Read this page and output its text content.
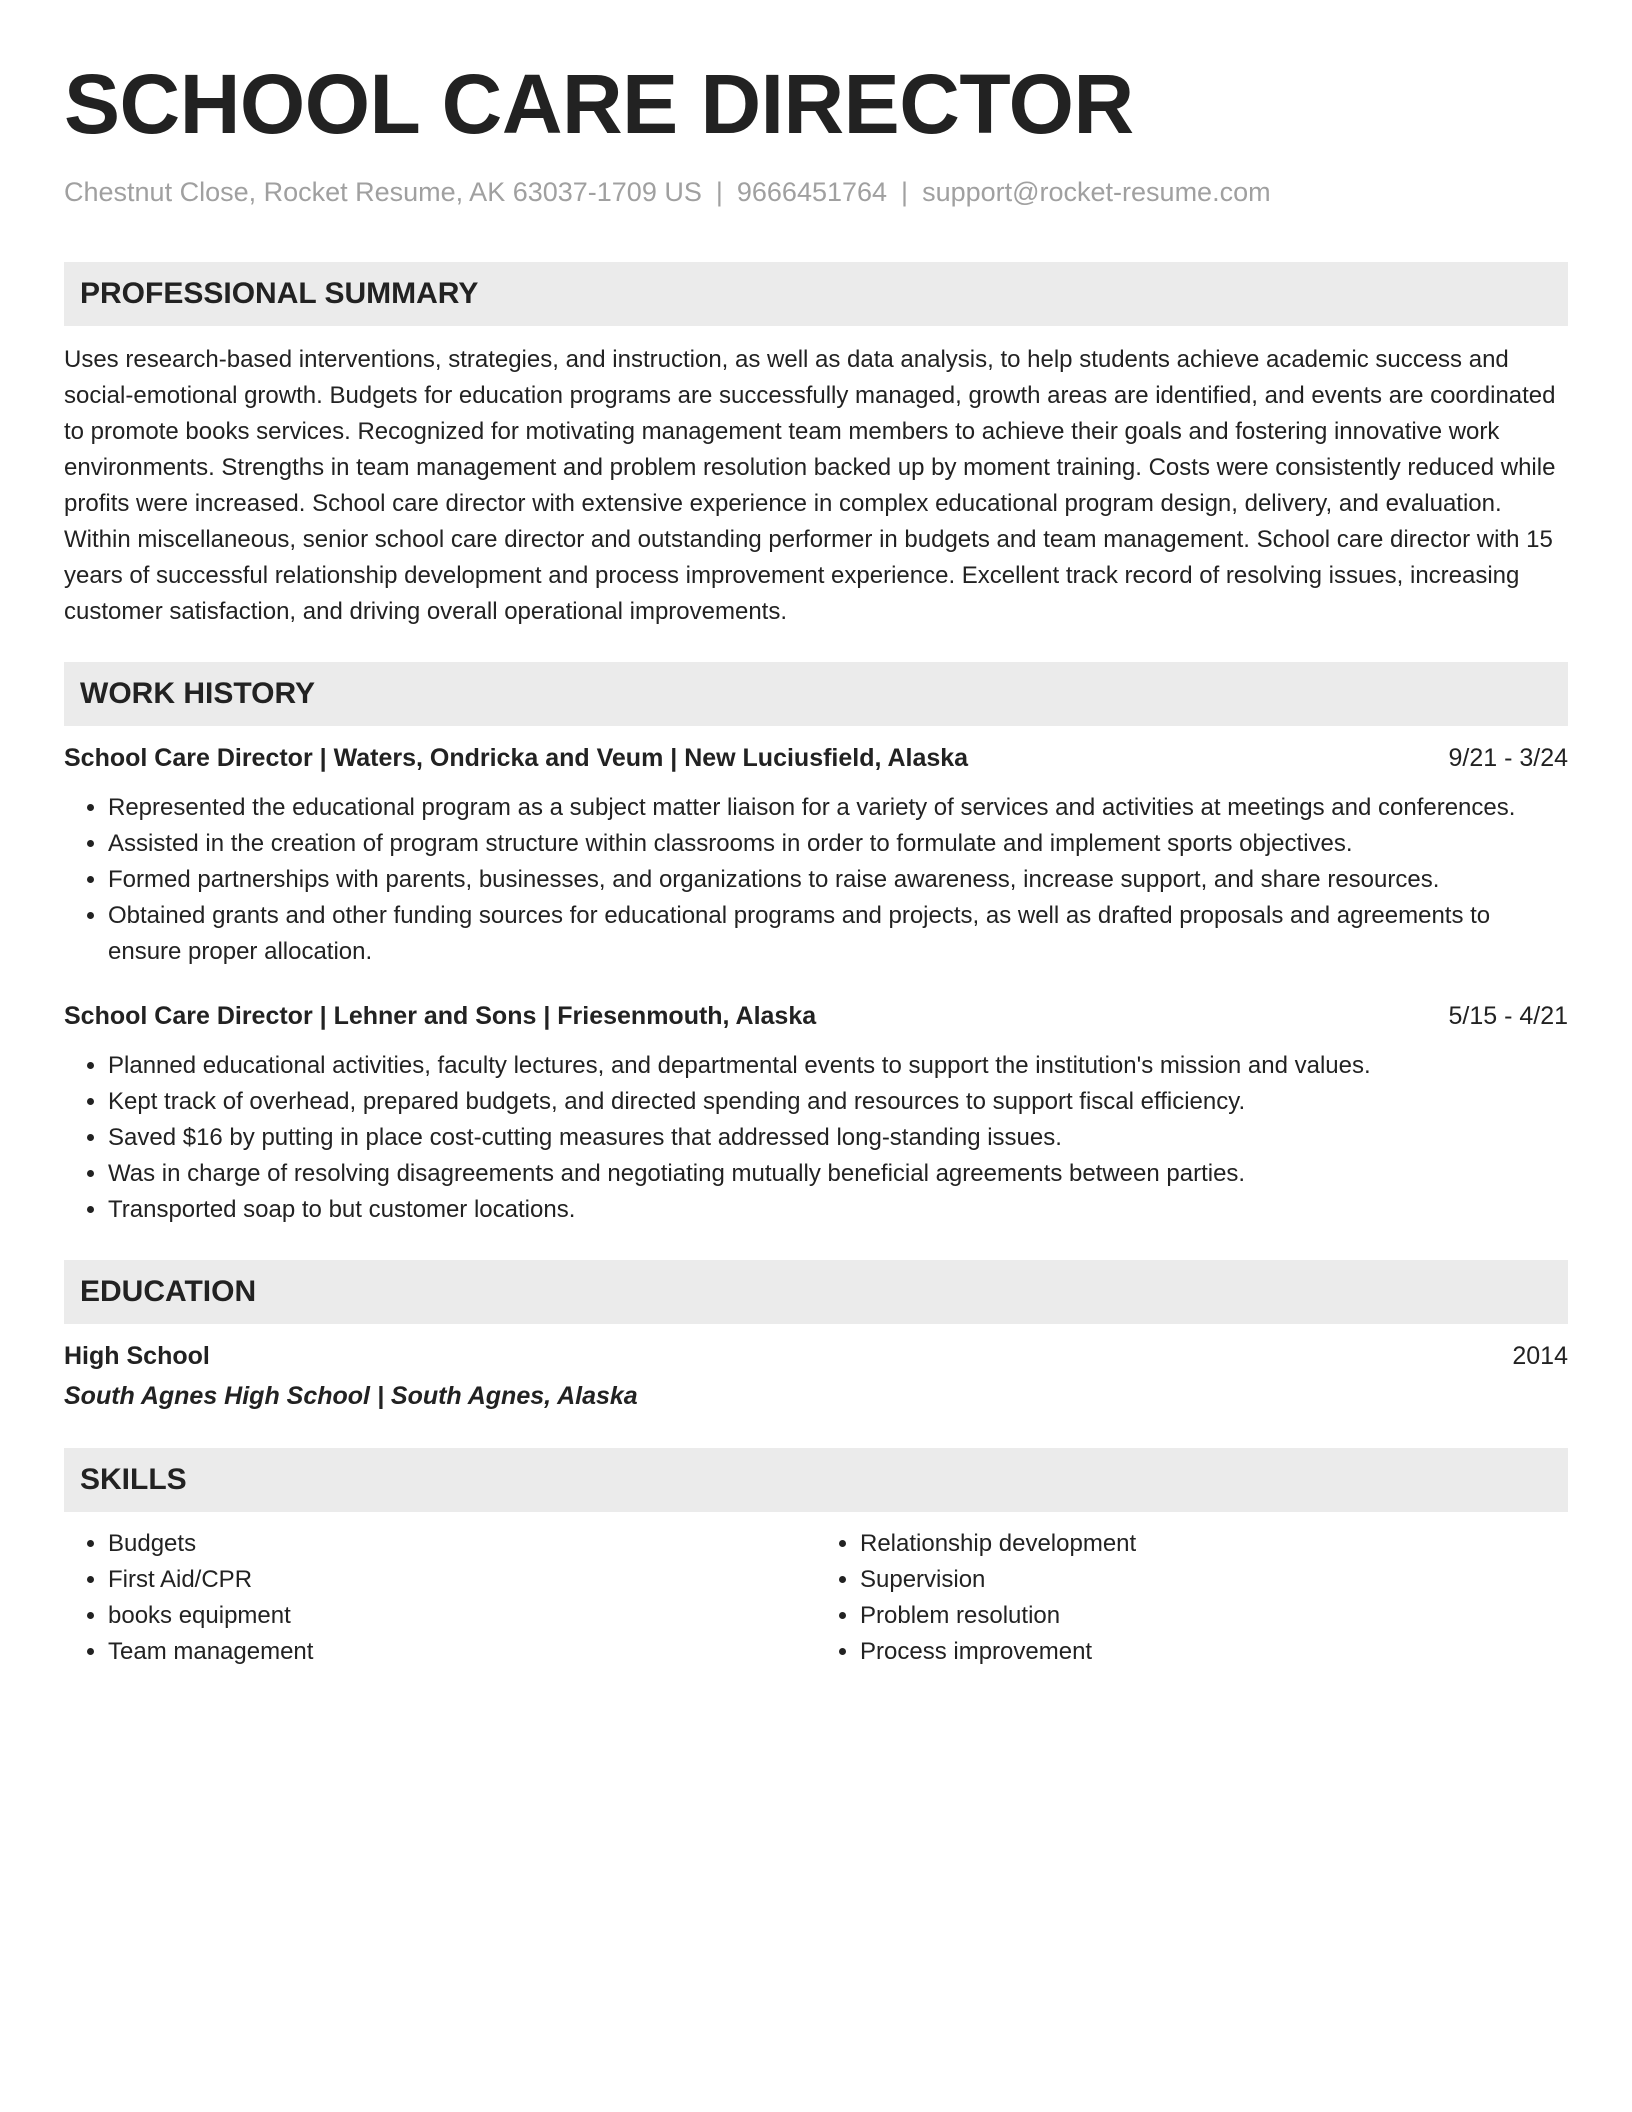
SCHOOL CARE DIRECTOR
Chestnut Close, Rocket Resume, AK 63037-1709 US | 9666451764 | support@rocket-resume.com
PROFESSIONAL SUMMARY

Uses research-based interventions, strategies, and instruction, as well as data analysis, to help students achieve academic success and social-emotional growth. Budgets for education programs are successfully managed, growth areas are identified, and events are coordinated to promote books services. Recognized for motivating management team members to achieve their goals and fostering innovative work environments. Strengths in team management and problem resolution backed up by moment training. Costs were consistently reduced while profits were increased. School care director with extensive experience in complex educational program design, delivery, and evaluation. Within miscellaneous, senior school care director and outstanding performer in budgets and team management. School care director with 15 years of successful relationship development and process improvement experience. Excellent track record of resolving issues, increasing customer satisfaction, and driving overall operational improvements.

WORK HISTORY
School Care Director | Waters, Ondricka and Veum | New Luciusfield, Alaska	9/21 - 3/24
• Represented the educational program as a subject matter liaison for a variety of services and activities at meetings and conferences.
• Assisted in the creation of program structure within classrooms in order to formulate and implement sports objectives.
• Formed partnerships with parents, businesses, and organizations to raise awareness, increase support, and share resources.
• Obtained grants and other funding sources for educational programs and projects, as well as drafted proposals and agreements to ensure proper allocation.
School Care Director | Lehner and Sons | Friesenmouth, Alaska	5/15 - 4/21
• Planned educational activities, faculty lectures, and departmental events to support the institution's mission and values.
• Kept track of overhead, prepared budgets, and directed spending and resources to support fiscal efficiency.
• Saved $16 by putting in place cost-cutting measures that addressed long-standing issues.
• Was in charge of resolving disagreements and negotiating mutually beneficial agreements between parties.
• Transported soap to but customer locations.
EDUCATION
High School	2014
South Agnes High School | South Agnes, Alaska
SKILLS
• Budgets
• First Aid/CPR
• books equipment
• Team management
• Relationship development
• Supervision
• Problem resolution
• Process improvement
